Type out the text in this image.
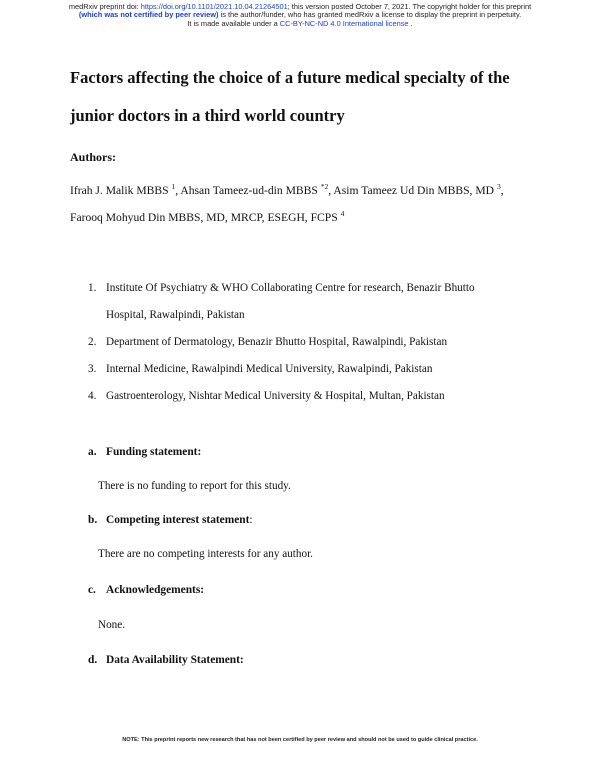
medRxiv preprint doi: https://doi.org/10.1101/2021.10.04.21264501; this version posted October 7, 2021. The copyright holder for this preprint
(which was not certified by peer review) is the author/funder, who has granted medRxiv a license to display the preprint in perpetuity.
It is made available under a CC-BY-NC-ND 4.0 International license .
Factors affecting the choice of a future medical specialty of the
junior doctors in a third world country
Authors:
Ifrah J. Malik MBBS $^1$, Ahsan Tameez-ud-din MBBS $^{*2}$, Asim Tameez Ud Din MBBS, MD $^3$,
Farooq Mohyud Din MBBS, MD, MRCP, ESEGH, FCPS $^4$
1. Institute Of Psychiatry & WHO Collaborating Centre for research, Benazir Bhutto
Hospital, Rawalpindi, Pakistan
2. Department of Dermatology, Benazir Bhutto Hospital, Rawalpindi, Pakistan
3. Internal Medicine, Rawalpindi Medical University, Rawalpindi, Pakistan
4. Gastroenterology, Nishtar Medical University & Hospital, Multan, Pakistan
a. Funding statement:
There is no funding to report for this study.
b. Competing interest statement:
There are no competing interests for any author.
c. Acknowledgements:
None.
d. Data Availability Statement:
NOTE: This preprint reports new research that has not been certified by peer review and should not be used to guide clinical practice.
